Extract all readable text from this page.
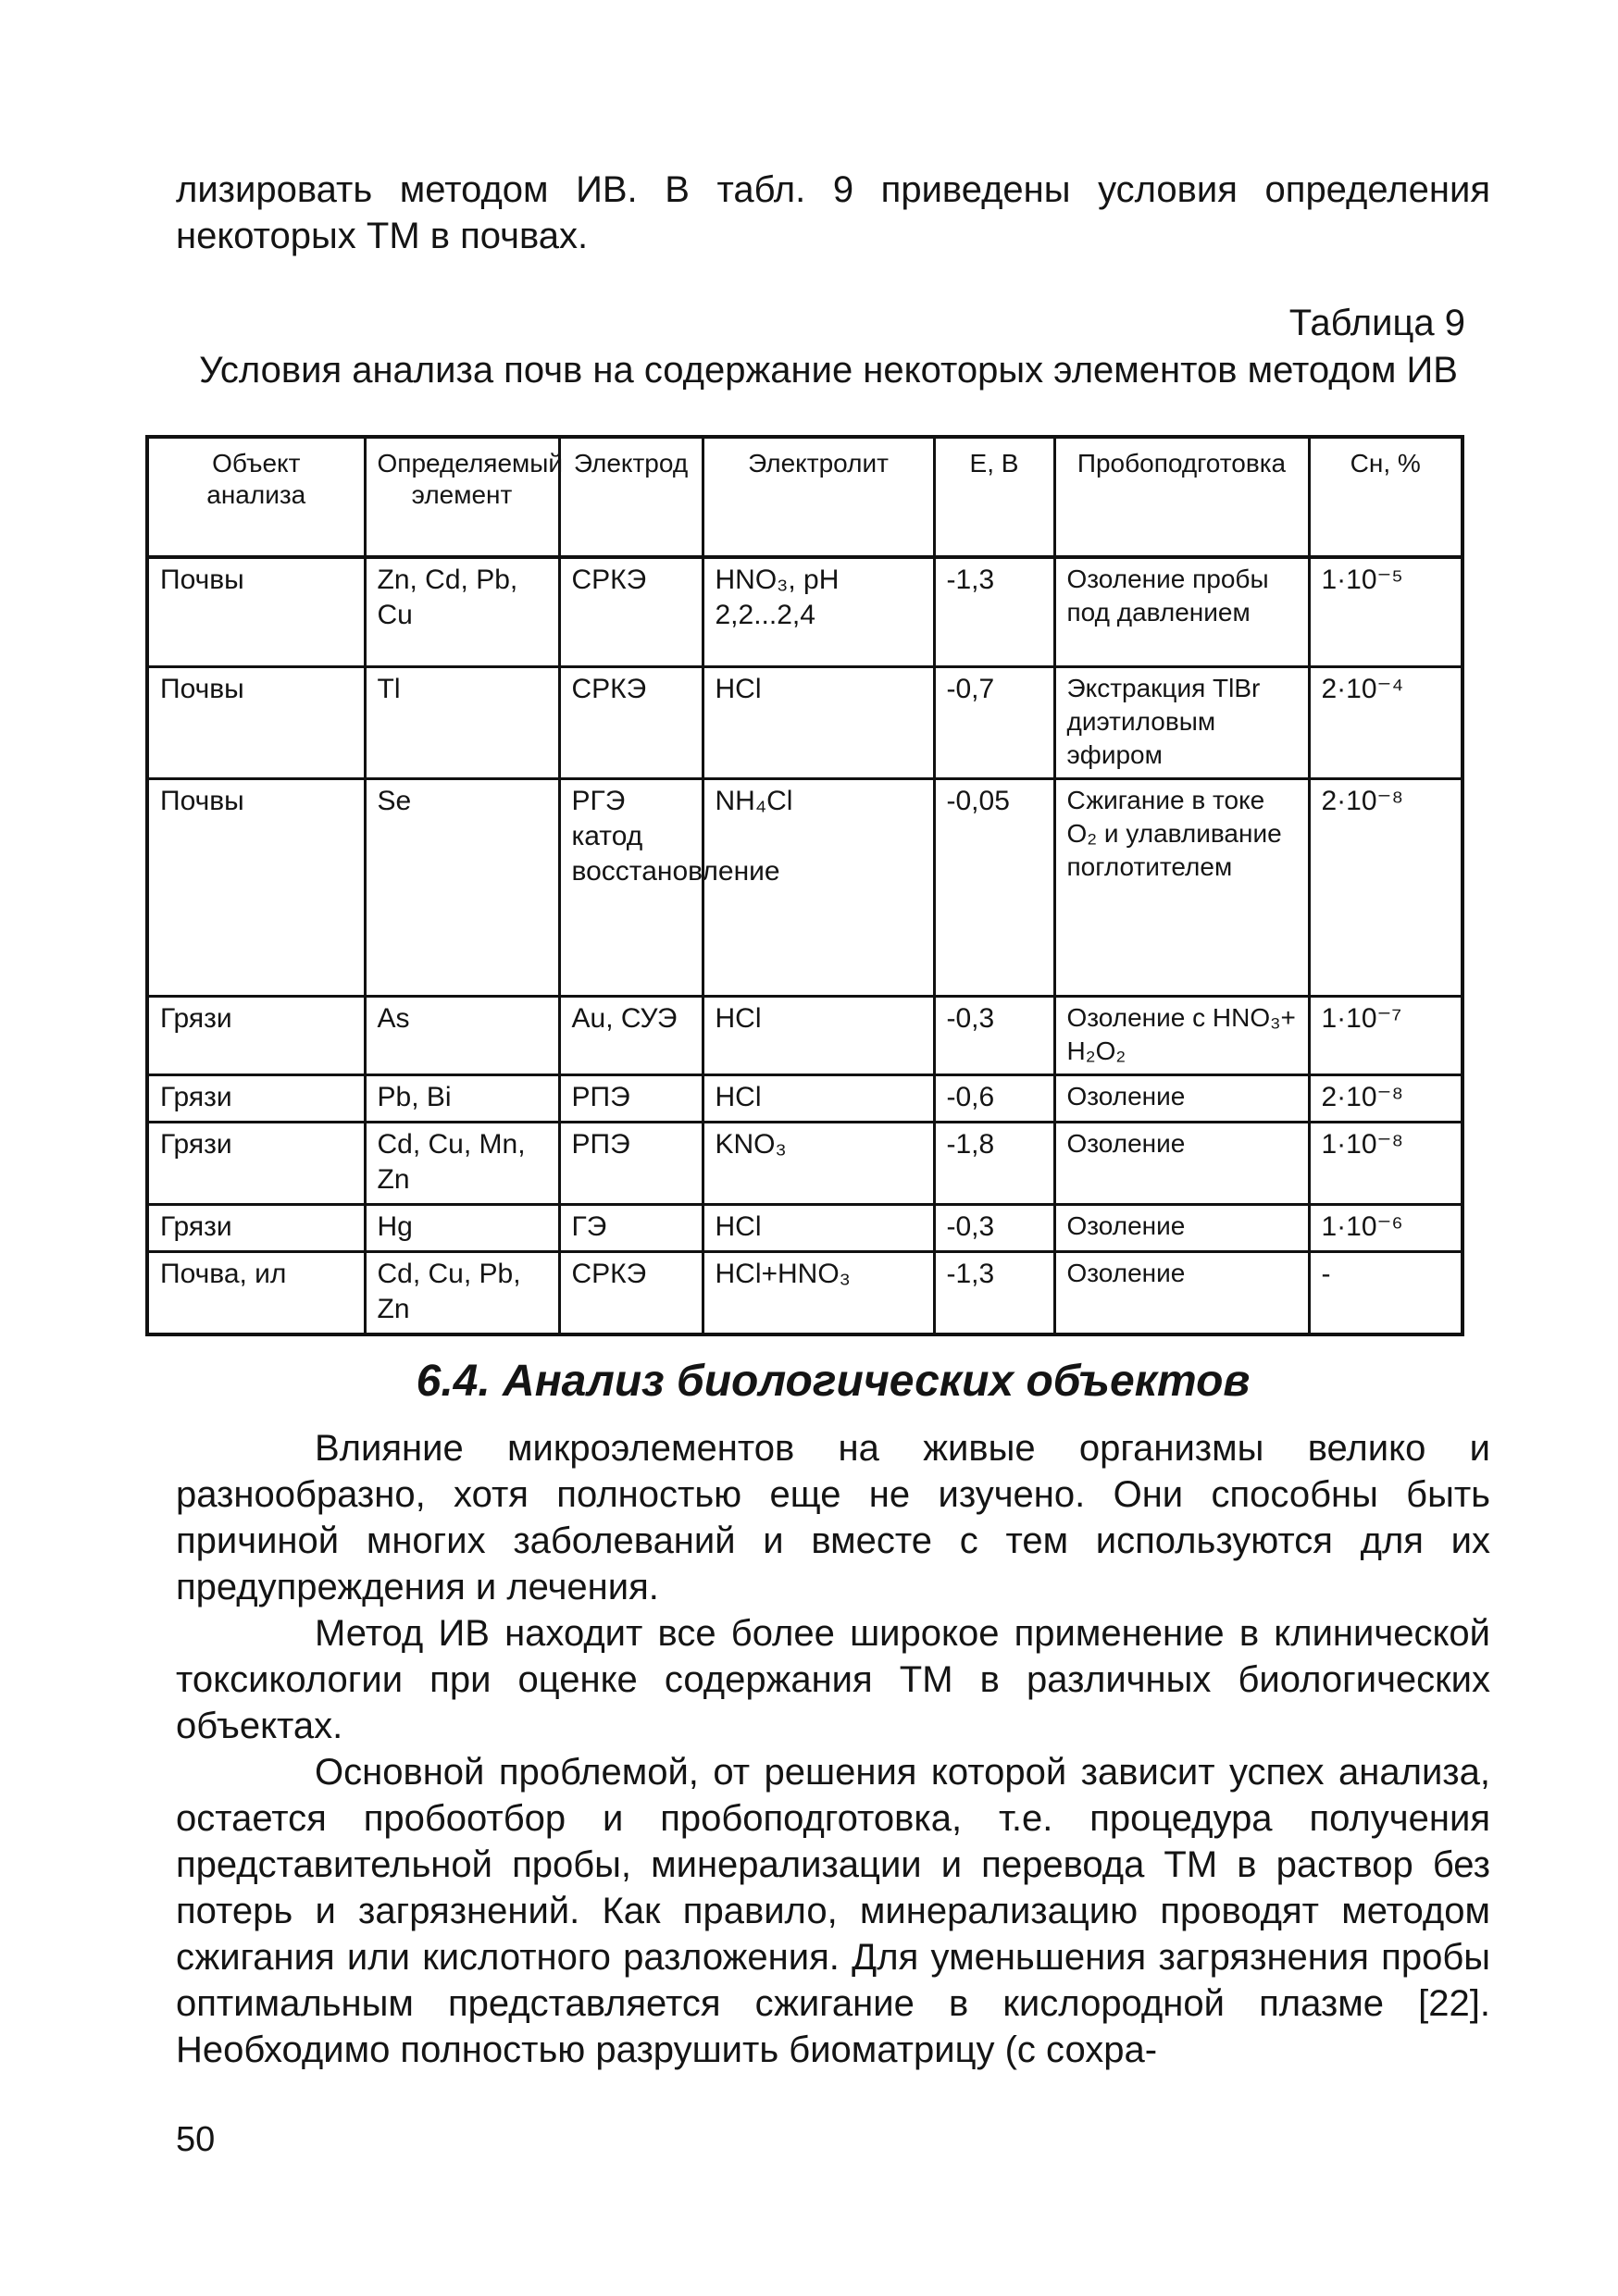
лизировать методом ИВ. В табл. 9 приведены условия определения некоторых ТМ в почвах.

Таблица 9

Условия анализа почв на содержание некоторых элементов методом ИВ

Объект анализа	Определяемый элемент	Электрод	Электролит	Е, В	Пробоподготовка	Cн, %
Почвы	Zn, Cd, Pb, Cu	СРКЭ	HNO₃, pH 2,2...2,4	-1,3	Озоление пробы под давлением	1·10⁻⁵
Почвы	Tl	СРКЭ	HCl	-0,7	Экстракция TlBr диэтиловым эфиром	2·10⁻⁴
Почвы	Se	РГЭ катод восстановление	NH₄Cl	-0,05	Сжигание в токе O₂ и улавливание поглотителем	2·10⁻⁸
Грязи	As	Au, СУЭ	HCl	-0,3	Озоление с HNO₃+ H₂O₂	1·10⁻⁷
Грязи	Pb, Bi	РПЭ	HCl	-0,6	Озоление	2·10⁻⁸
Грязи	Cd, Cu, Mn, Zn	РПЭ	KNO₃	-1,8	Озоление	1·10⁻⁸
Грязи	Hg	ГЭ	HCl	-0,3	Озоление	1·10⁻⁶
Почва, ил	Cd, Cu, Pb, Zn	СРКЭ	HCl+HNO₃	-1,3	Озоление	-
6.4. Анализ биологических объектов

Влияние микроэлементов на живые организмы велико и разнообразно, хотя полностью еще не изучено. Они способны быть причиной многих заболеваний и вместе с тем используются для их предупреждения и лечения.

Метод ИВ находит все более широкое применение в клинической токсикологии при оценке содержания ТМ в различных биологических объектах.

Основной проблемой, от решения которой зависит успех анализа, остается пробоотбор и пробоподготовка, т.е. процедура получения представительной пробы, минерализации и перевода ТМ в раствор без потерь и загрязнений. Как правило, минерализацию проводят методом сжигания или кислотного разложения. Для уменьшения загрязнения пробы оптимальным представляется сжигание в кислородной плазме [22]. Необходимо полностью разрушить биоматрицу (с сохра-

50
